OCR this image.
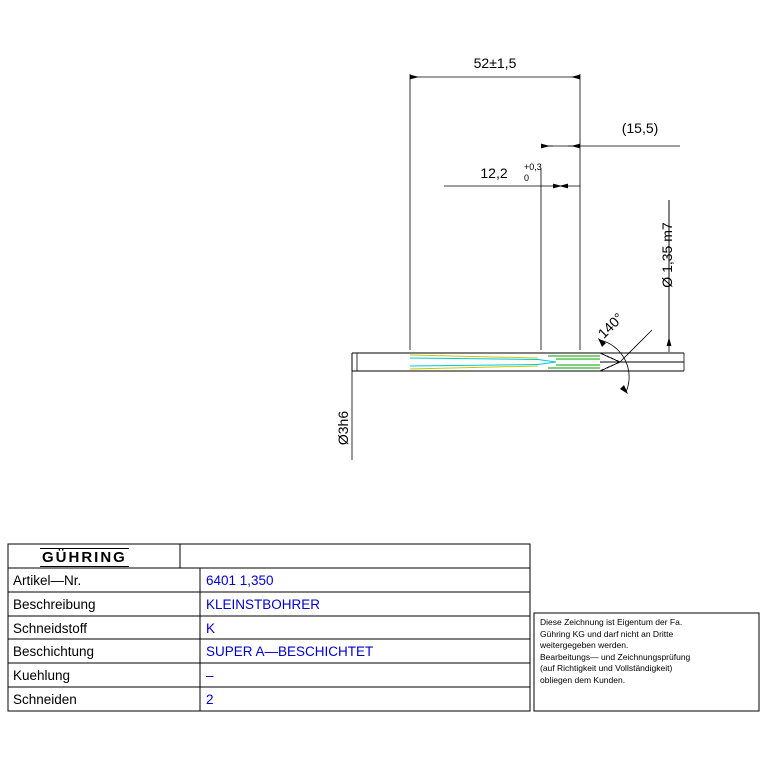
52±1,5
(15,5)
12,2 +0,3
0
Ø 1,35 m7
Ø3h6
140°
GÜHRING
Artikel—Nr.	6401 1,350
Beschreibung	KLEINSTBOHRER
Schneidstoff	K
Beschichtung	SUPER A—BESCHICHTET
Kuehlung	–
Schneiden	2
Diese Zeichnung ist Eigentum der Fa.
Gühring KG und darf nicht an Dritte
weitergegeben werden.
Bearbeitungs— und Zeichnungsprüfung
(auf Richtigkeit und Vollständigkeit)
obliegen dem Kunden.
